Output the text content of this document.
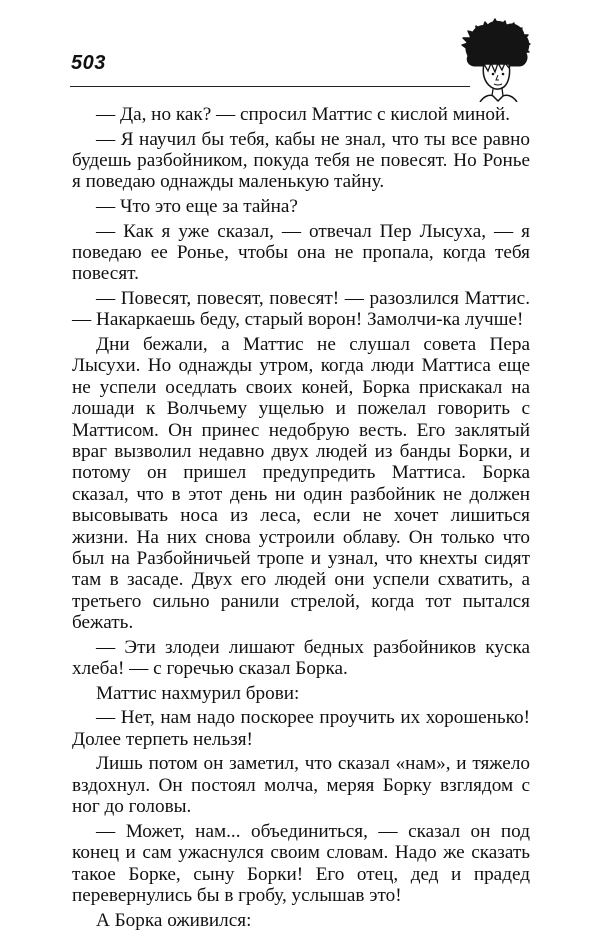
503

— Да, но как? — спросил Маттис с кислой миной.

— Я научил бы тебя, кабы не знал, что ты все равно будешь разбойником, покуда тебя не повесят. Но Ронье я поведаю однажды маленькую тайну.

— Что это еще за тайна?

— Как я уже сказал, — отвечал Пер Лысуха, — я поведаю ее Ронье, чтобы она не пропала, когда тебя повесят.

— Повесят, повесят, повесят! — разозлился Маттис. — Накаркаешь беду, старый ворон! Замолчи-ка лучше!

Дни бежали, а Маттис не слушал совета Пера Лысухи. Но однажды утром, когда люди Маттиса еще не успели оседлать своих коней, Борка прискакал на лошади к Волчьему ущелью и пожелал говорить с Маттисом. Он принес недобрую весть. Его заклятый враг вызволил недавно двух людей из банды Борки, и потому он пришел предупредить Маттиса. Борка сказал, что в этот день ни один разбойник не должен высовывать носа из леса, если не хочет лишиться жизни. На них снова устроили облаву. Он только что был на Разбойничьей тропе и узнал, что кнехты сидят там в засаде. Двух его людей они успели схватить, а третьего сильно ранили стрелой, когда тот пытался бежать.

— Эти злодеи лишают бедных разбойников куска хлеба! — с горечью сказал Борка.

Маттис нахмурил брови:

— Нет, нам надо поскорее проучить их хорошенько! Долее терпеть нельзя!

Лишь потом он заметил, что сказал «нам», и тяжело вздохнул. Он постоял молча, меряя Борку взглядом с ног до головы.

— Может, нам... объединиться, — сказал он под конец и сам ужаснулся своим словам. Надо же сказать такое Борке, сыну Борки! Его отец, дед и прадед перевернулись бы в гробу, услышав это!

А Борка оживился:
